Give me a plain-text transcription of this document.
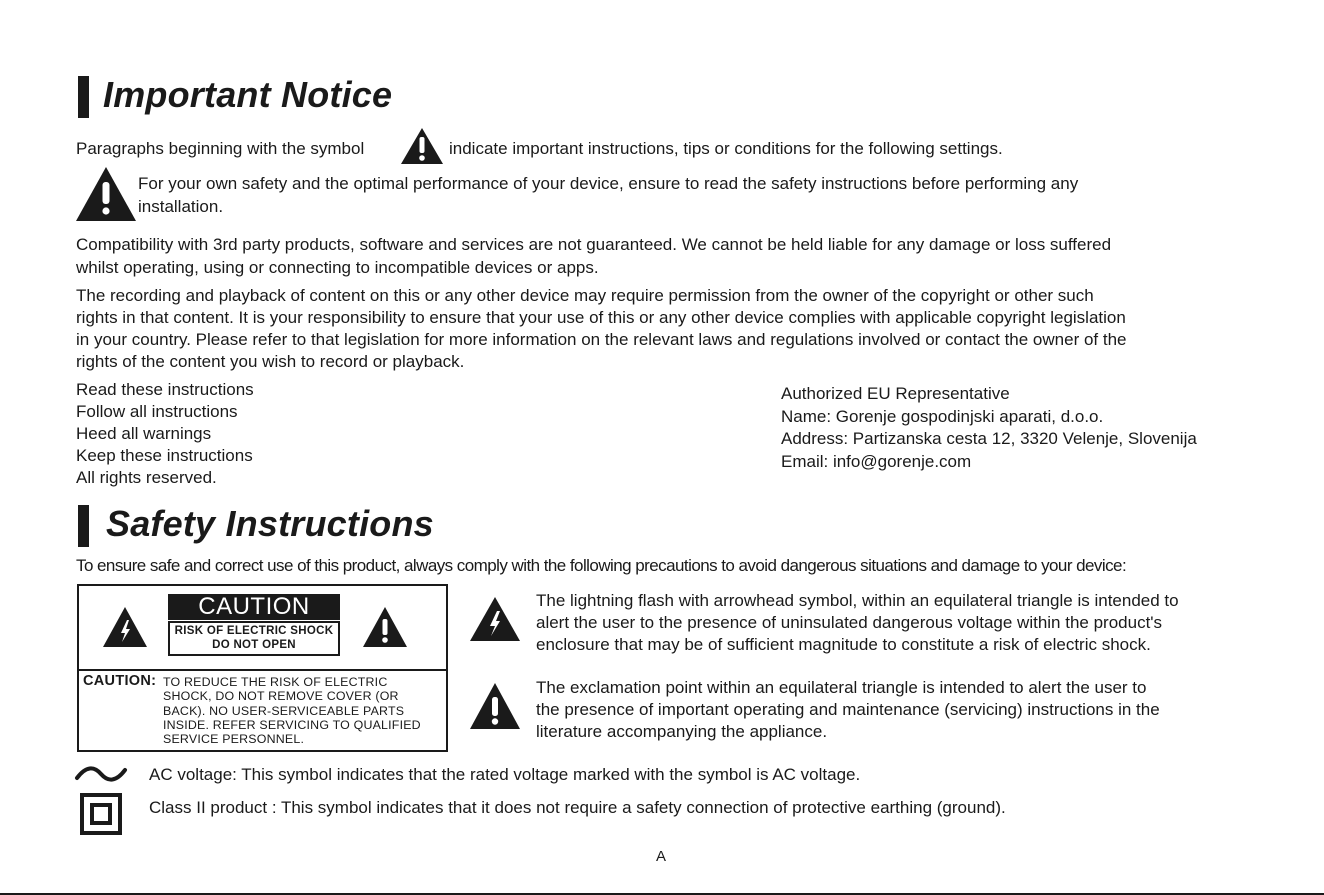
Important Notice
Paragraphs beginning with the symbol	indicate important instructions, tips or conditions for the following settings.
For your own safety and the optimal performance of your device, ensure to read the safety instructions before performing any
installation.
Compatibility with 3rd party products, software and services are not guaranteed. We cannot be held liable for any damage or loss suffered
whilst operating, using or connecting to incompatible devices or apps.
The recording and playback of content on this or any other device may require permission from the owner of the copyright or other such
rights in that content. It is your responsibility to ensure that your use of this or any other device complies with applicable copyright legislation
in your country. Please refer to that legislation for more information on the relevant laws and regulations involved or contact the owner of the
rights of the content you wish to record or playback.
Read these instructions
Follow all instructions
Heed all warnings
Keep these instructions
All rights reserved.
Authorized EU Representative
Name: Gorenje gospodinjski aparati, d.o.o.
Address: Partizanska cesta 12, 3320 Velenje, Slovenija
Email: info@gorenje.com
Safety Instructions
To ensure safe and correct use of this product, always comply with the following precautions to avoid dangerous situations and damage to your device:
CAUTION
RISK OF ELECTRIC SHOCK
DO NOT OPEN
CAUTION: TO REDUCE THE RISK OF ELECTRIC
SHOCK, DO NOT REMOVE COVER (OR
BACK). NO USER-SERVICEABLE PARTS
INSIDE. REFER SERVICING TO QUALIFIED
SERVICE PERSONNEL.
The lightning flash with arrowhead symbol, within an equilateral triangle is intended to
alert the user to the presence of uninsulated dangerous voltage within the product's
enclosure that may be of sufficient magnitude to constitute a risk of electric shock.
The exclamation point within an equilateral triangle is intended to alert the user to
the presence of important operating and maintenance (servicing) instructions in the
literature accompanying the appliance.
AC voltage: This symbol indicates that the rated voltage marked with the symbol is AC voltage.
Class II product : This symbol indicates that it does not require a safety connection of protective earthing (ground).
A
